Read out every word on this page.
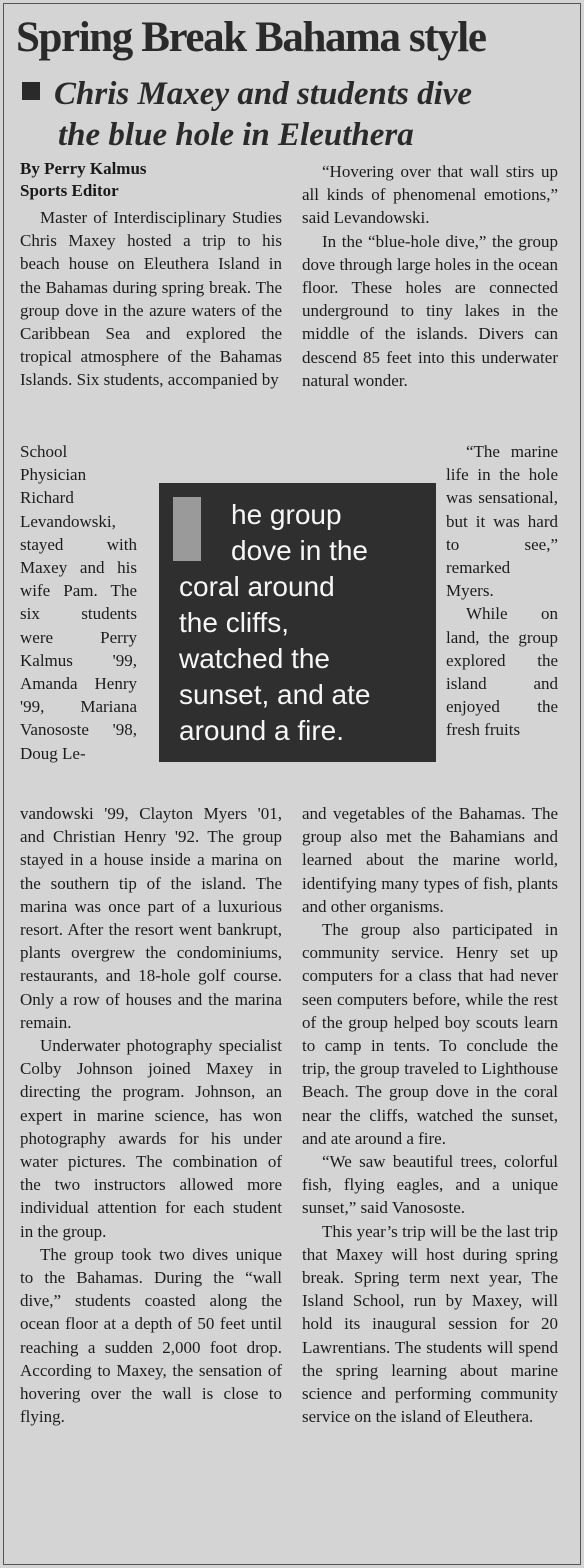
Spring Break Bahama style
Chris Maxey and students dive
the blue hole in Eleuthera
By Perry Kalmus
Sports Editor

Master of Interdisciplinary Studies Chris Maxey hosted a trip to his beach house on Eleuthera Island in the Bahamas during spring break. The group dove in the azure waters of the Caribbean Sea and explored the tropical atmosphere of the Bahamas Islands. Six students, accompanied by

School Physician Richard Levandowski, stayed with Maxey and his wife Pam. The six students were Perry Kalmus '99, Amanda Henry '99, Mariana Vanososte '98, Doug Le-

vandowski '99, Clayton Myers '01, and Christian Henry '92. The group stayed in a house inside a marina on the southern tip of the island. The marina was once part of a luxurious resort. After the resort went bankrupt, plants overgrew the condominiums, restaurants, and 18-hole golf course. Only a row of houses and the marina remain.

Underwater photography specialist Colby Johnson joined Maxey in directing the program. Johnson, an expert in marine science, has won photography awards for his under water pictures. The combination of the two instructors allowed more individual attention for each student in the group.

The group took two dives unique to the Bahamas. During the “wall dive,” students coasted along the ocean floor at a depth of 50 feet until reaching a sudden 2,000 foot drop. According to Maxey, the sensation of hovering over the wall is close to flying.

he group
dove in the
coral around
the cliffs,
watched the
sunset, and ate
around a fire.

“Hovering over that wall stirs up all kinds of phenomenal emotions,” said Levandowski.

In the “blue-hole dive,” the group dove through large holes in the ocean floor. These holes are connected underground to tiny lakes in the middle of the islands. Divers can descend 85 feet into this underwater natural wonder.

“The marine life in the hole was sensational, but it was hard to see,” remarked Myers.

While on land, the group explored the island and enjoyed the fresh fruits

and vegetables of the Bahamas. The group also met the Bahamians and learned about the marine world, identifying many types of fish, plants and other organisms.

The group also participated in community service. Henry set up computers for a class that had never seen computers before, while the rest of the group helped boy scouts learn to camp in tents. To conclude the trip, the group traveled to Lighthouse Beach. The group dove in the coral near the cliffs, watched the sunset, and ate around a fire.

“We saw beautiful trees, colorful fish, flying eagles, and a unique sunset,” said Vanososte.

This year’s trip will be the last trip that Maxey will host during spring break. Spring term next year, The Island School, run by Maxey, will hold its inaugural session for 20 Lawrentians. The students will spend the spring learning about marine science and performing community service on the island of Eleuthera.
